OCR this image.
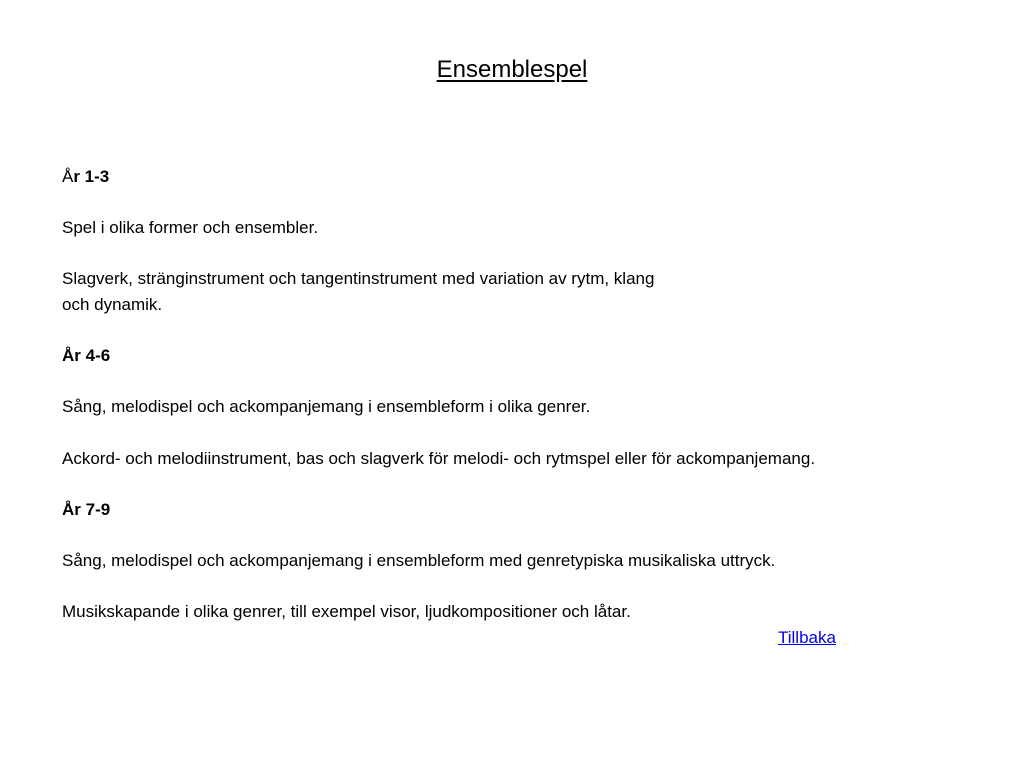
Ensemblespel

År 1-3

Spel i olika former och ensembler.

Slagverk, stränginstrument och tangentinstrument med variation av rytm, klang

och dynamik.

År 4-6

Sång, melodispel och ackompanjemang i ensembleform i olika genrer.

Ackord- och melodiinstrument, bas och slagverk för melodi- och rytmspel eller för ackompanjemang.

År 7-9

Sång, melodispel och ackompanjemang i ensembleform med genretypiska musikaliska uttryck.

Musikskapande i olika genrer, till exempel visor, ljudkompositioner och låtar.

Tillbaka
